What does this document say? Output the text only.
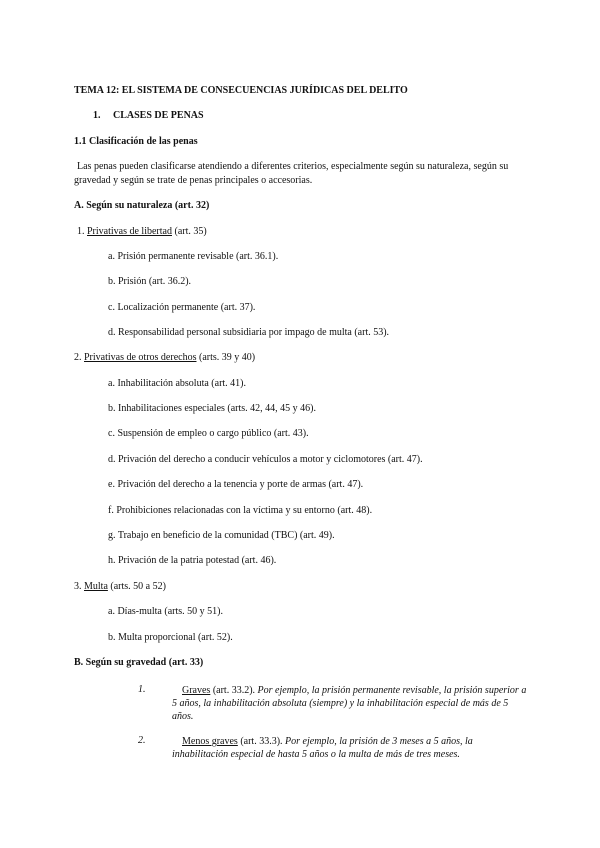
TEMA 12: EL SISTEMA DE CONSECUENCIAS JURÍDICAS DEL DELITO
1. CLASES DE PENAS
1.1 Clasificación de las penas
Las penas pueden clasificarse atendiendo a diferentes criterios, especialmente según su naturaleza, según su
gravedad y según se trate de penas principales o accesorias.
A. Según su naturaleza (art. 32)
1. Privativas de libertad (art. 35)
a. Prisión permanente revisable (art. 36.1).
b. Prisión (art. 36.2).
c. Localización permanente (art. 37).
d. Responsabilidad personal subsidiaria por impago de multa (art. 53).
2. Privativas de otros derechos (arts. 39 y 40)
a. Inhabilitación absoluta (art. 41).
b. Inhabilitaciones especiales (arts. 42, 44, 45 y 46).
c. Suspensión de empleo o cargo público (art. 43).
d. Privación del derecho a conducir vehículos a motor y ciclomotores (art. 47).
e. Privación del derecho a la tenencia y porte de armas (art. 47).
f. Prohibiciones relacionadas con la víctima y su entorno (art. 48).
g. Trabajo en beneficio de la comunidad (TBC) (art. 49).
h. Privación de la patria potestad (art. 46).
3. Multa (arts. 50 a 52)
a. Días-multa (arts. 50 y 51).
b. Multa proporcional (art. 52).
B. Según su gravedad (art. 33)
1.	Graves (art. 33.2). Por ejemplo, la prisión permanente revisable, la prisión superior a 5 años, la inhabilitación absoluta (siempre) y la inhabilitación especial de más de 5 años.
2.	Menos graves (art. 33.3). Por ejemplo, la prisión de 3 meses a 5 años, la inhabilitación especial de hasta 5 años o la multa de más de tres meses.
